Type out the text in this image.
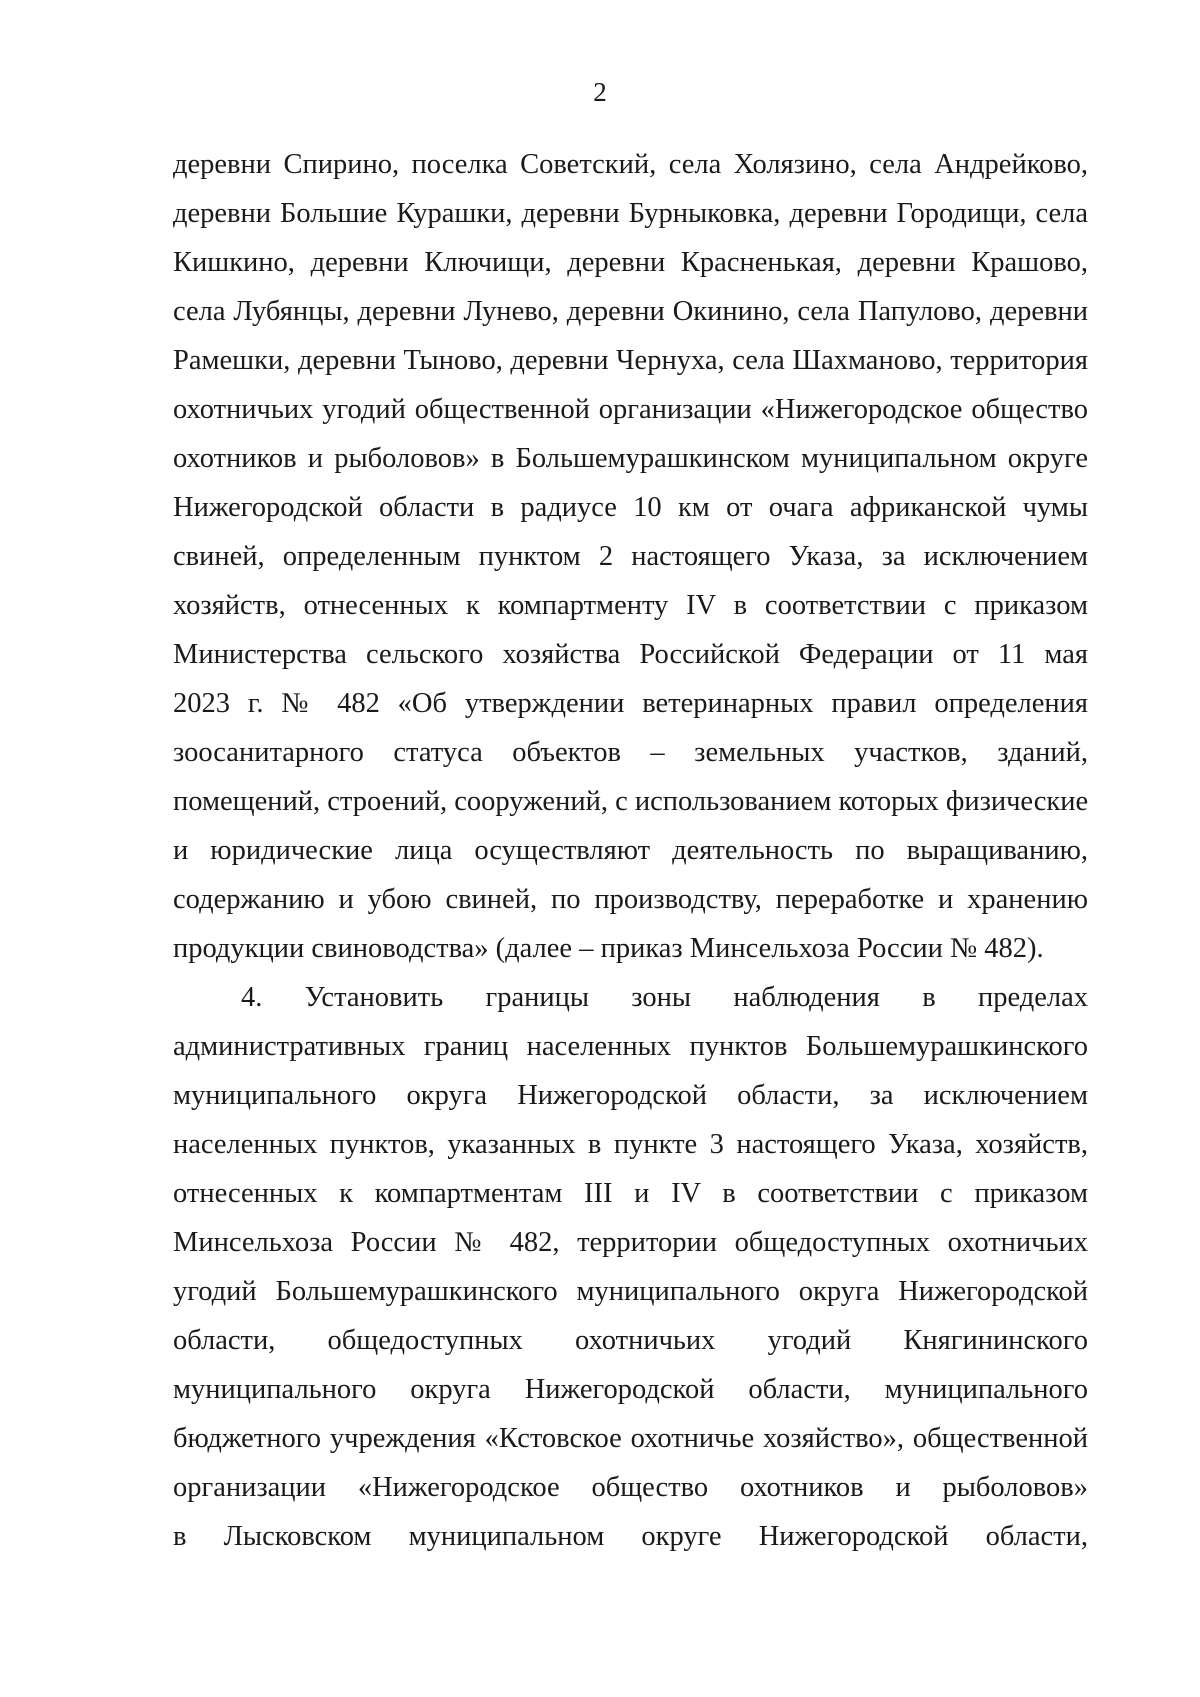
2
деревни Спирино, поселка Советский, села Холязино, села Андрейково,
деревни Большие Курашки, деревни Бурныковка, деревни Городищи, села
Кишкино, деревни Ключищи, деревни Красненькая, деревни Крашово,
села Лубянцы, деревни Лунево, деревни Окинино, села Папулово, деревни
Рамешки, деревни Тыново, деревни Чернуха, села Шахманово, территория
охотничьих угодий общественной организации «Нижегородское общество
охотников и рыболовов» в Большемурашкинском муниципальном округе
Нижегородской области в радиусе 10 км от очага африканской чумы
свиней, определенным пунктом 2 настоящего Указа, за исключением
хозяйств, отнесенных к компартменту IV в соответствии с приказом
Министерства сельского хозяйства Российской Федерации от 11 мая
2023 г. № 482 «Об утверждении ветеринарных правил определения
зоосанитарного статуса объектов – земельных участков, зданий,
помещений, строений, сооружений, с использованием которых физические
и юридические лица осуществляют деятельность по выращиванию,
содержанию и убою свиней, по производству, переработке и хранению
продукции свиноводства» (далее – приказ Минсельхоза России № 482).
4. Установить границы зоны наблюдения в пределах
административных границ населенных пунктов Большемурашкинского
муниципального округа Нижегородской области, за исключением
населенных пунктов, указанных в пункте 3 настоящего Указа, хозяйств,
отнесенных к компартментам III и IV в соответствии с приказом
Минсельхоза России № 482, территории общедоступных охотничьих
угодий Большемурашкинского муниципального округа Нижегородской
области, общедоступных охотничьих угодий Княгининского
муниципального округа Нижегородской области, муниципального
бюджетного учреждения «Кстовское охотничье хозяйство», общественной
организации «Нижегородское общество охотников и рыболовов»
в Лысковском муниципальном округе Нижегородской области,
